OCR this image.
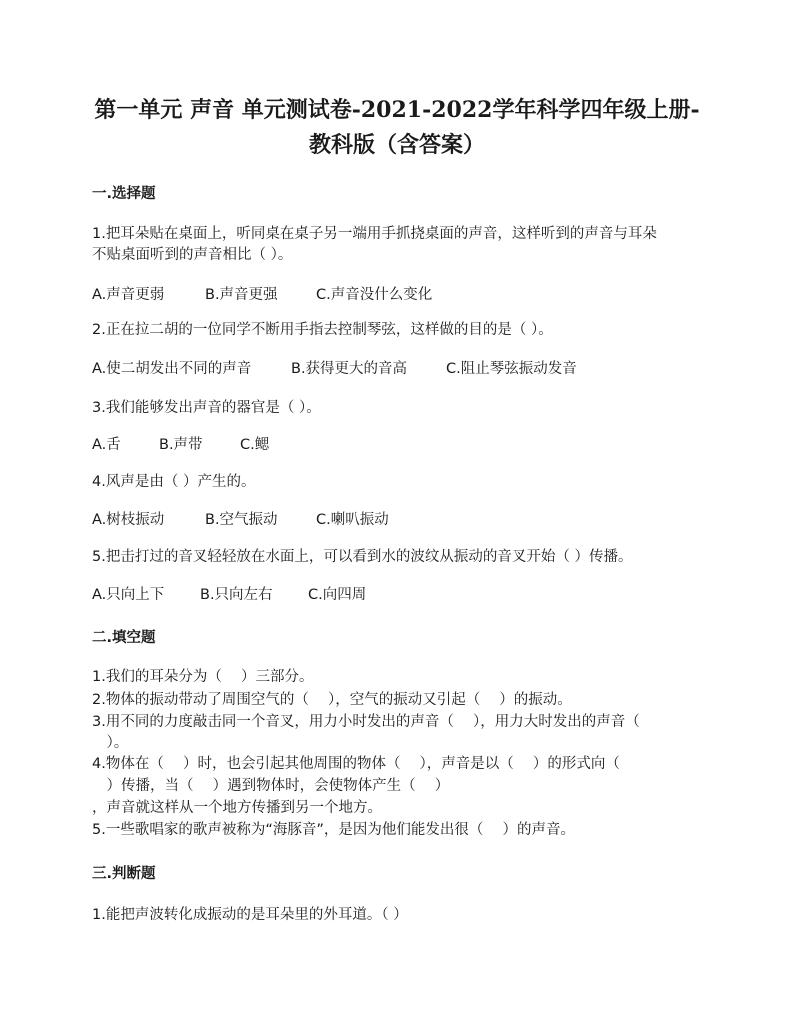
第一单元 声音 单元测试卷-2021-2022学年科学四年级上册-
教科版（含答案）
一.选择题
1.把耳朵贴在桌面上，听同桌在桌子另一端用手抓挠桌面的声音，这样听到的声音与耳朵
不贴桌面听到的声音相比（ ）。
A.声音更弱	B.声音更强	C.声音没什么变化
2.正在拉二胡的一位同学不断用手指去控制琴弦，这样做的目的是（ ）。
A.使二胡发出不同的声音	B.获得更大的音高	C.阻止琴弦振动发音
3.我们能够发出声音的器官是（ ）。
A.舌	B.声带	C.鳃
4.风声是由（ ）产生的。
A.树枝振动	B.空气振动	C.喇叭振动
5.把击打过的音叉轻轻放在水面上，可以看到水的波纹从振动的音叉开始（ ）传播。
A.只向上下 B.只向左右 C.向四周
二.填空题
1.我们的耳朵分为（　 ）三部分。
2.物体的振动带动了周围空气的（　 ），空气的振动又引起（　 ）的振动。
3.用不同的力度敲击同一个音叉，用力小时发出的声音（　 ），用力大时发出的声音（
　）。
4.物体在（　 ）时，也会引起其他周围的物体（　 ），声音是以（　 ）的形式向（
　）传播，当（　 ）遇到物体时，会使物体产生（　 ）
，声音就这样从一个地方传播到另一个地方。
5.一些歌唱家的歌声被称为“海豚音”，是因为他们能发出很（　 ）的声音。
三.判断题
1.能把声波转化成振动的是耳朵里的外耳道。（ ）
